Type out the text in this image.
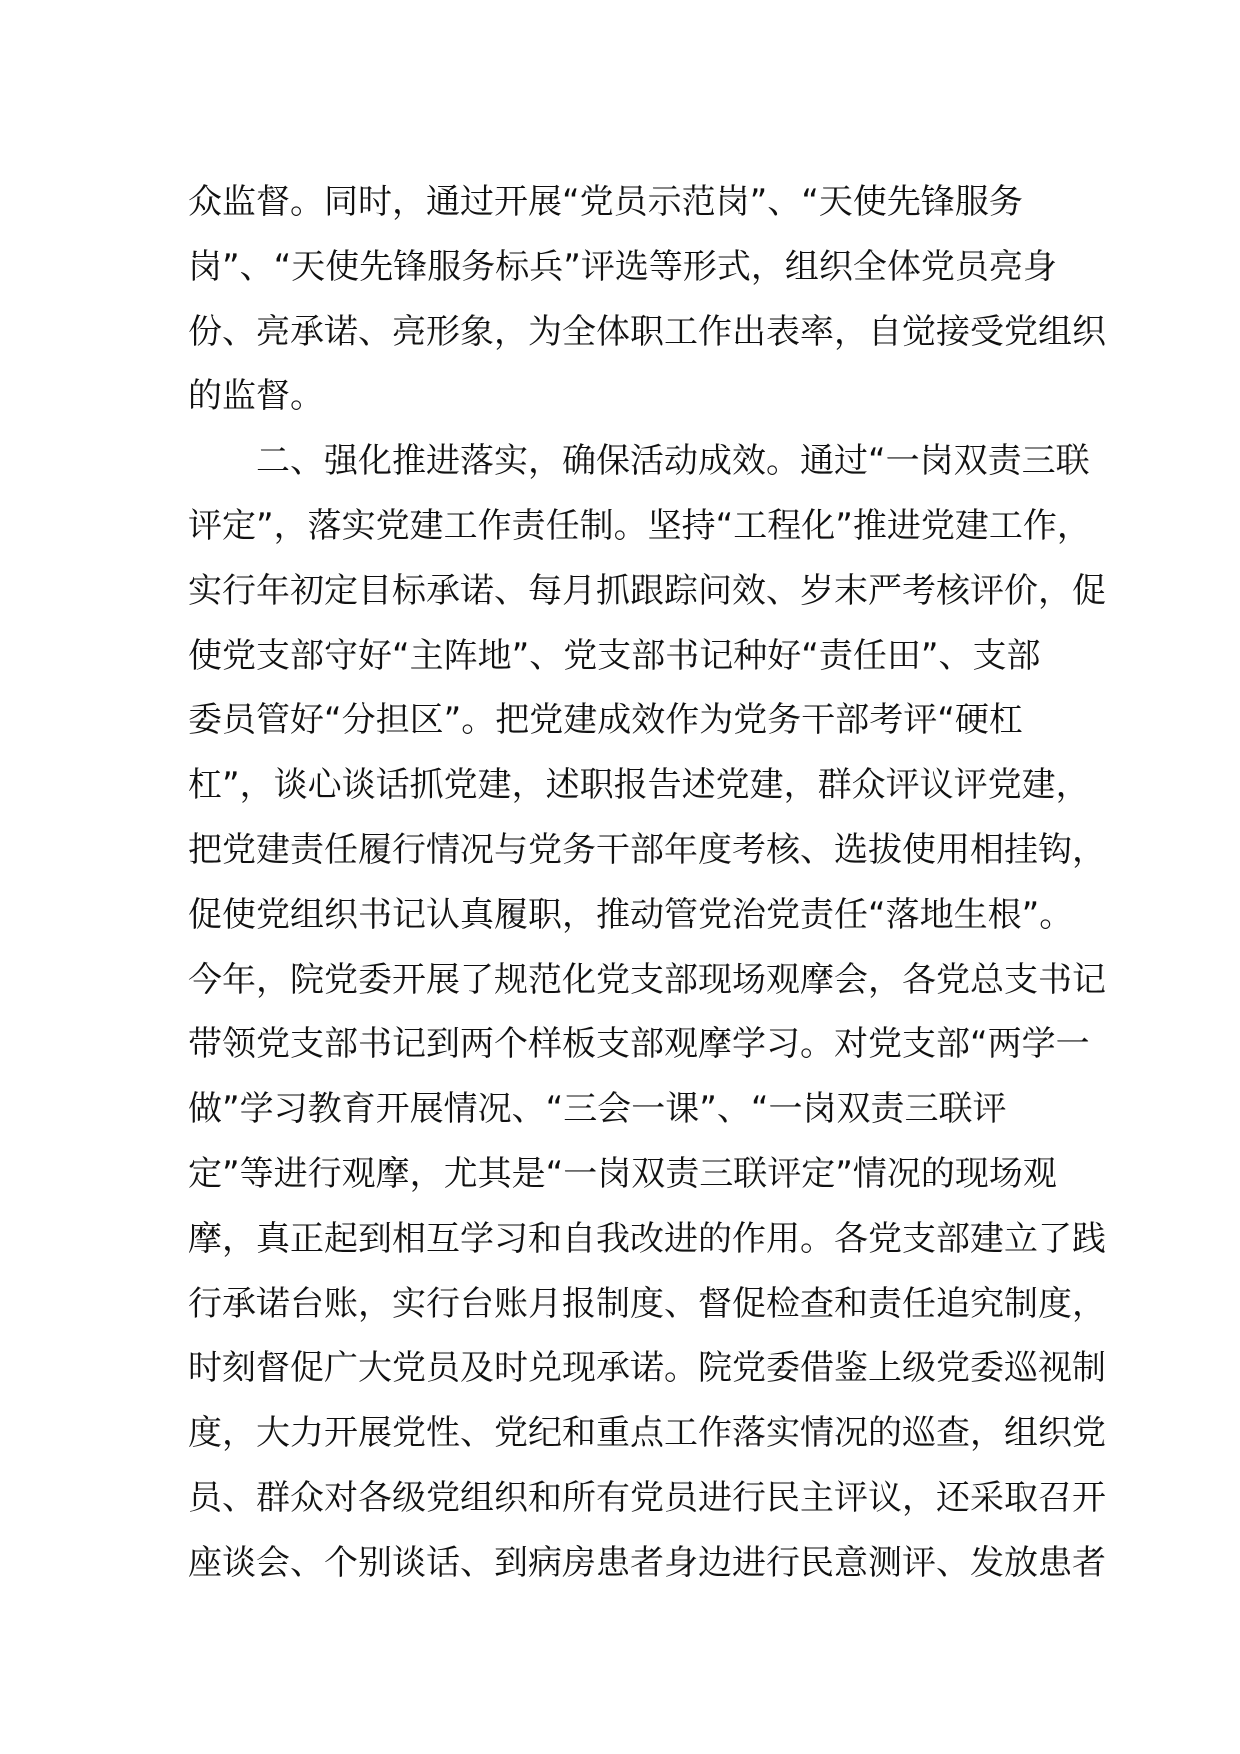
众监督。同时，通过开展“党员示范岗”、“天使先锋服务
岗”、“天使先锋服务标兵”评选等形式，组织全体党员亮身
份、亮承诺、亮形象，为全体职工作出表率，自觉接受党组织
的监督。
　　二、强化推进落实，确保活动成效。通过“一岗双责三联
评定”，落实党建工作责任制。坚持“工程化”推进党建工作，
实行年初定目标承诺、每月抓跟踪问效、岁末严考核评价，促
使党支部守好“主阵地”、党支部书记种好“责任田”、支部
委员管好“分担区”。把党建成效作为党务干部考评“硬杠
杠”，谈心谈话抓党建，述职报告述党建，群众评议评党建，
把党建责任履行情况与党务干部年度考核、选拔使用相挂钩，
促使党组织书记认真履职，推动管党治党责任“落地生根”。
今年，院党委开展了规范化党支部现场观摩会，各党总支书记
带领党支部书记到两个样板支部观摩学习。对党支部“两学一
做”学习教育开展情况、“三会一课”、“一岗双责三联评
定”等进行观摩，尤其是“一岗双责三联评定”情况的现场观
摩，真正起到相互学习和自我改进的作用。各党支部建立了践
行承诺台账，实行台账月报制度、督促检查和责任追究制度，
时刻督促广大党员及时兑现承诺。院党委借鉴上级党委巡视制
度，大力开展党性、党纪和重点工作落实情况的巡查，组织党
员、群众对各级党组织和所有党员进行民主评议，还采取召开
座谈会、个别谈话、到病房患者身边进行民意测评、发放患者
